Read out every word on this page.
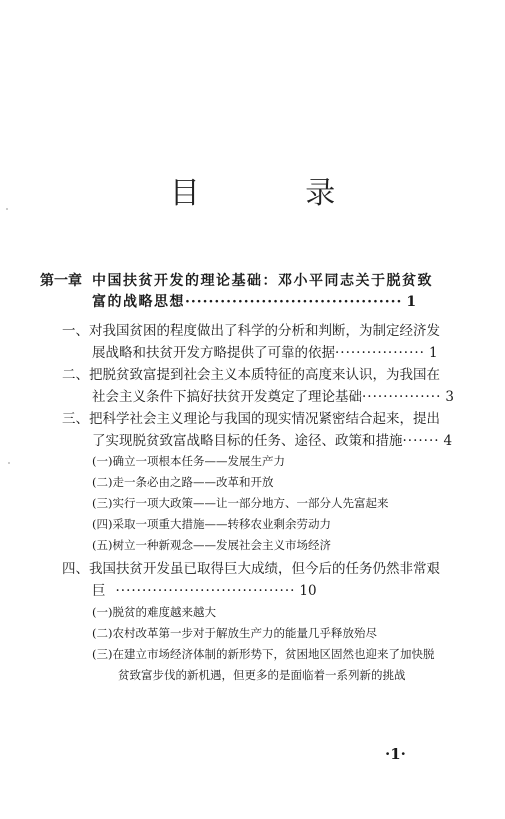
目 录
第一章 中国扶贫开发的理论基础：邓小平同志关于脱贫致
富的战略思想····································· 1
一、对我国贫困的程度做出了科学的分析和判断，为制定经济发
展战略和扶贫开发方略提供了可靠的依据················· 1
二、把脱贫致富提到社会主义本质特征的高度来认识，为我国在
社会主义条件下搞好扶贫开发奠定了理论基础··············· 3
三、把科学社会主义理论与我国的现实情况紧密结合起来，提出
了实现脱贫致富战略目标的任务、途径、政策和措施······· 4
(一)确立一项根本任务——发展生产力
(二)走一条必由之路——改革和开放
(三)实行一项大政策——让一部分地方、一部分人先富起来
(四)采取一项重大措施——转移农业剩余劳动力
(五)树立一种新观念——发展社会主义市场经济
四、我国扶贫开发虽已取得巨大成绩，但今后的任务仍然非常艰
巨 ·································· 10
(一)脱贫的难度越来越大
(二)农村改革第一步对于解放生产力的能量几乎释放殆尽
(三)在建立市场经济体制的新形势下，贫困地区固然也迎来了加快脱
贫致富步伐的新机遇，但更多的是面临着一系列新的挑战
·1·
